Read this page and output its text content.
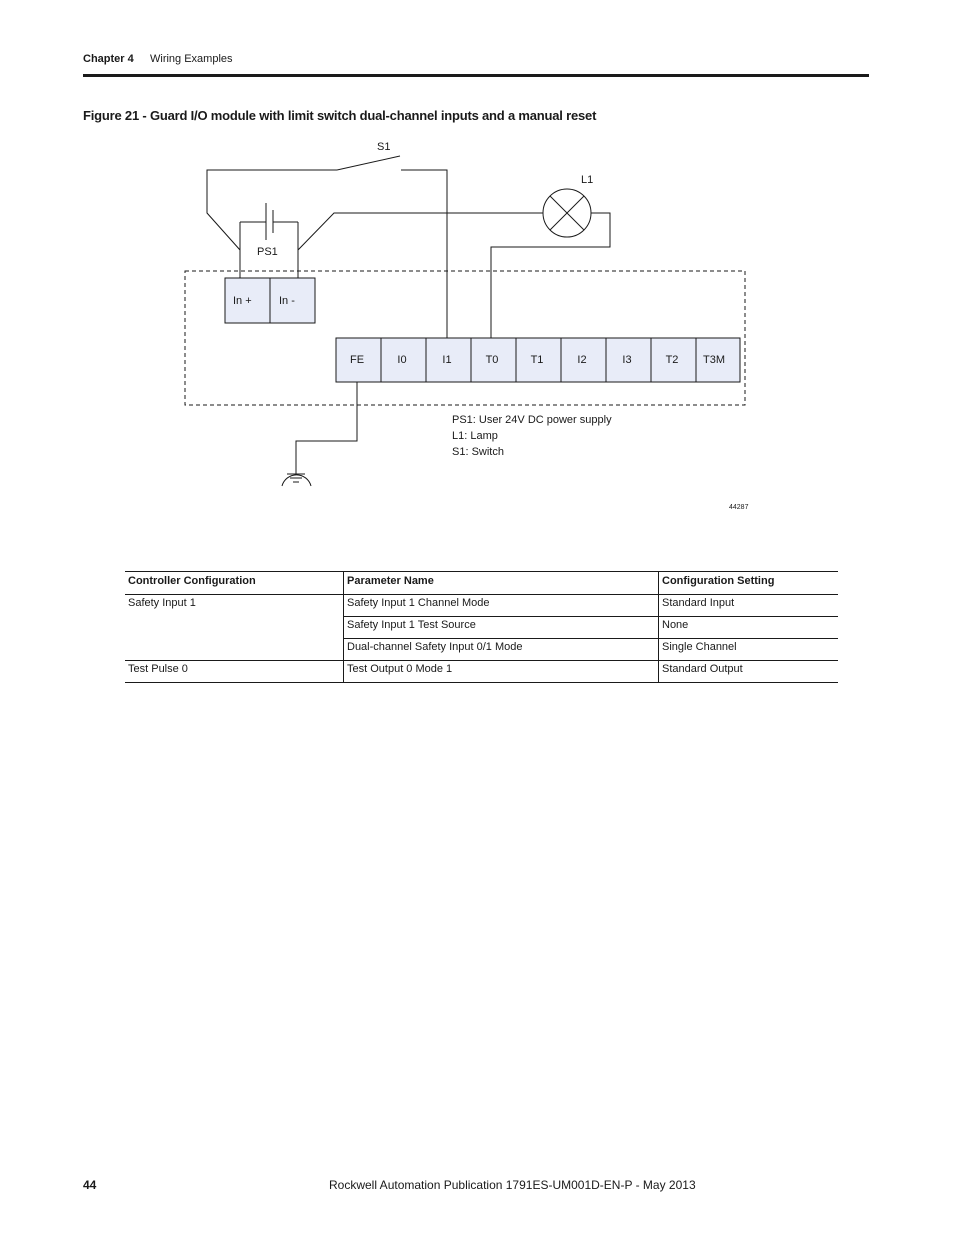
Chapter 4 Wiring Examples
Figure 21 - Guard I/O module with limit switch dual-channel inputs and a manual reset
S1
L1
PS1
In + In -
FE	I0	I1	T0	T1	I2	I3	T2 T3M
PS1: User 24V DC power supply
L1: Lamp
S1: Switch
44287
Controller Configuration	Parameter Name	Configuration Setting
Safety Input 1	Safety Input 1 Channel Mode	Standard Input
	Safety Input 1 Test Source	None
	Dual-channel Safety Input 0/1 Mode	Single Channel
Test Pulse 0	Test Output 0 Mode 1	Standard Output
44	Rockwell Automation Publication 1791ES-UM001D-EN-P - May 2013
